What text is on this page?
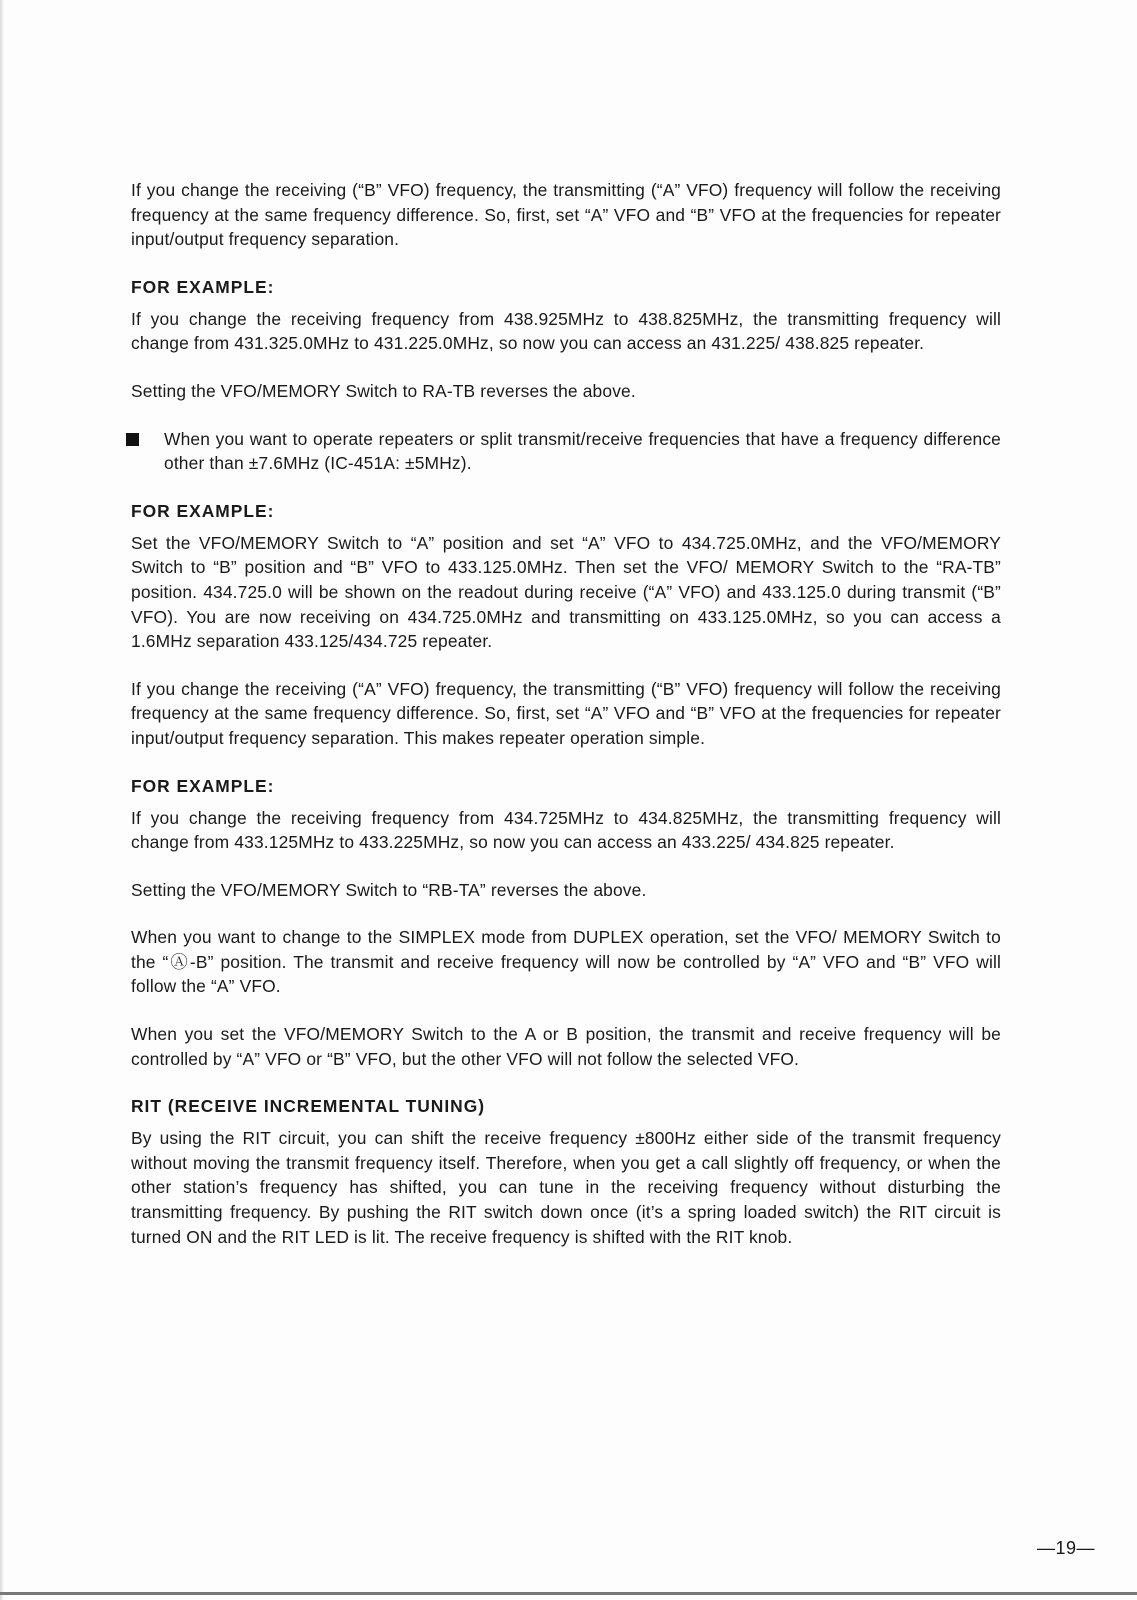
If you change the receiving (“B” VFO) frequency, the transmitting (“A” VFO) frequency will follow the receiving frequency at the same frequency difference. So, first, set “A” VFO and “B” VFO at the frequencies for repeater input/output frequency separation.

FOR EXAMPLE:

If you change the receiving frequency from 438.925MHz to 438.825MHz, the transmitting frequency will change from 431.325.0MHz to 431.225.0MHz, so now you can access an 431.225/ 438.825 repeater.

Setting the VFO/MEMORY Switch to RA-TB reverses the above.

When you want to operate repeaters or split transmit/receive frequencies that have a frequency difference other than ±7.6MHz (IC-451A: ±5MHz).

FOR EXAMPLE:

Set the VFO/MEMORY Switch to “A” position and set “A” VFO to 434.725.0MHz, and the VFO/MEMORY Switch to “B” position and “B” VFO to 433.125.0MHz. Then set the VFO/ MEMORY Switch to the “RA-TB” position. 434.725.0 will be shown on the readout during receive (“A” VFO) and 433.125.0 during transmit (“B” VFO). You are now receiving on 434.725.0MHz and transmitting on 433.125.0MHz, so you can access a 1.6MHz separation 433.125/434.725 repeater.

If you change the receiving (“A” VFO) frequency, the transmitting (“B” VFO) frequency will follow the receiving frequency at the same frequency difference. So, first, set “A” VFO and “B” VFO at the frequencies for repeater input/output frequency separation. This makes repeater operation simple.

FOR EXAMPLE:

If you change the receiving frequency from 434.725MHz to 434.825MHz, the transmitting frequency will change from 433.125MHz to 433.225MHz, so now you can access an 433.225/ 434.825 repeater.

Setting the VFO/MEMORY Switch to “RB-TA” reverses the above.

When you want to change to the SIMPLEX mode from DUPLEX operation, set the VFO/ MEMORY Switch to the “Ⓐ-B” position. The transmit and receive frequency will now be controlled by “A” VFO and “B” VFO will follow the “A” VFO.

When you set the VFO/MEMORY Switch to the A or B position, the transmit and receive frequency will be controlled by “A” VFO or “B” VFO, but the other VFO will not follow the selected VFO.

RIT (RECEIVE INCREMENTAL TUNING)

By using the RIT circuit, you can shift the receive frequency ±800Hz either side of the transmit frequency without moving the transmit frequency itself. Therefore, when you get a call slightly off frequency, or when the other station’s frequency has shifted, you can tune in the receiving frequency without disturbing the transmitting frequency. By pushing the RIT switch down once (it’s a spring loaded switch) the RIT circuit is turned ON and the RIT LED is lit. The receive frequency is shifted with the RIT knob.

—19—
